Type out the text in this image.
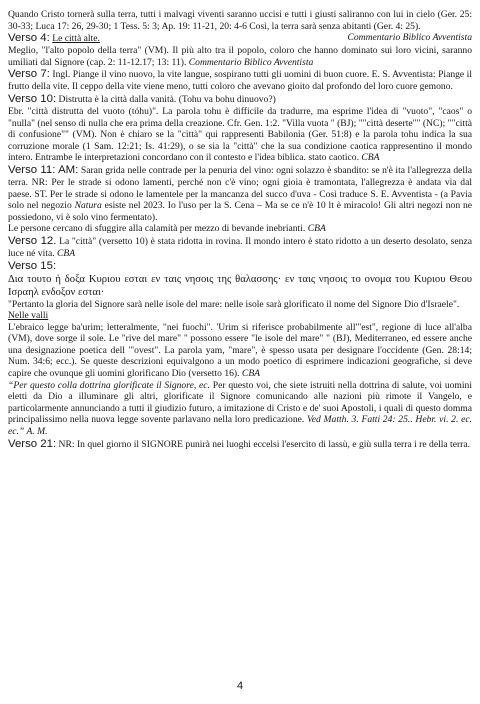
Quando Cristo tornerà sulla terra, tutti i malvagi viventi saranno uccisi e tutti i giusti saliranno con lui in cielo (Ger. 25: 30-33; Luca 17: 26, 29-30; 1 Tess. 5: 3; Ap. 19: 11-21, 20: 4-6 Così, la terra sarà senza abitanti (Ger. 4: 25).
Commentario Biblico Avventista

Verso 4: Le città alte.

Meglio, "l'alto popolo della terra" (VM). Il più alto tra il popolo, coloro che hanno dominato sui loro vicini, saranno umiliati dal Signore (cap. 2: 11-12.17; 13: 11). Commentario Biblico Avventista

Verso 7: Ingl. Piange il vino nuovo, la vite langue, sospirano tutti gli uomini di buon cuore. E. S. Avventista: Piange il frutto della vite. Il ceppo della vite viene meno, tutti coloro che avevano gioito dal profondo del loro cuore gemono.

Verso 10: Distrutta è la città dalla vanità. (Tohu va bohu dinuovo?)

Ebr. "città distrutta del vuoto (tóhu)". La parola tohu è difficile da tradurre, ma esprime l'idea di "vuoto", "caos" o "nulla" (nel senso di nulla che era prima della creazione. Cfr. Gen. 1:2. "Villa vuota " (BJ); ""città deserte"" (NC); ""città di confusione"" (VM). Non è chiaro se la "città" qui rappresenti Babilonia (Ger. 51:8) e la parola tohu indica la sua corruzione morale (1 Sam. 12:21; Is. 41:29), o se sia la "città" che la sua condizione caotica rappresentino il mondo intero. Entrambe le interpretazioni concordano con il contesto e l'idea biblica. stato caotico. CBA

Verso 11: AM: Saran grida nelle contrade per la penuria del vino: ogni solazzo è sbandito: se n'è ita l'allegrezza della terra. NR: Per le strade si odono lamenti, perché non c'è vino; ogni gioia è tramontata, l'allegrezza è andata via dal paese. ST. Per le strade si odono le lamentele per la mancanza del succo d'uva - Così traduce S. E. Avventista - (a Pavia solo nel negozio Natura esiste nel 2023. Io l'uso per la S. Cena – Ma se ce n'è 10 lt è miracolo! Gli altri negozi non ne possiedono, vi è solo vino fermentato).

Le persone cercano di sfuggire alla calamità per mezzo di bevande inebrianti. CBA

Verso 12. La "città" (versetto 10) è stata ridotta in rovina. Il mondo intero è stato ridotto a un deserto desolato, senza luce né vita. CBA

Verso 15:

Δια τουτο ἡ δοξα Κυριου εσται εν ταις νησοις της θαλασσης· εν ταις νησοις το ονομα του Κυριου Θεου Ισραηλ ενδοξον εσται·

"Pertanto la gloria del Signore sarà nelle isole del mare: nelle isole sarà glorificato il nome del Signore Dio d'Israele".

Nelle valli

L'ebraico legge ba'urim; letteralmente, "nei fuochi". 'Urim si riferisce probabilmente all'"est", regione di luce all'alba (VM), dove sorge il sole. Le "rive del mare" " possono essere "le isole del mare" " (BJ), Mediterraneo, ed essere anche una designazione poetica dell '"ovest". La parola yam, "mare", è spesso usata per designare l'occidente (Gen. 28:14; Num. 34:6; ecc.). Se queste descrizioni equivalgono a un modo poetico di esprimere indicazioni geografiche, si deve capire che ovunque gli uomini glorificano Dio (versetto 16). CBA

“Per questo colla dottrina glorificate il Signore, ec. Per questo voi, che siete istruiti nella dottrina di salute, voi uomini eletti da Dio a illuminare gli altri, glorificate il Signore comunicando alle nazioni più rimote il Vangelo, e particolarmente annunciando a tutti il giudizio futuro, a imitazione di Cristo e de' suoi Apostoli, i quali di questo domma principalissimo nella nuova legge sovente parlavano nella loro predicazione. Ved Matth. 3. Fatti 24: 25.. Hebr. vi. 2. ec. ec.” A. M.

Verso 21: NR: In quel giorno il SIGNORE punirà nei luoghi eccelsi l'esercito di lassù, e giù sulla terra i re della terra.

4
